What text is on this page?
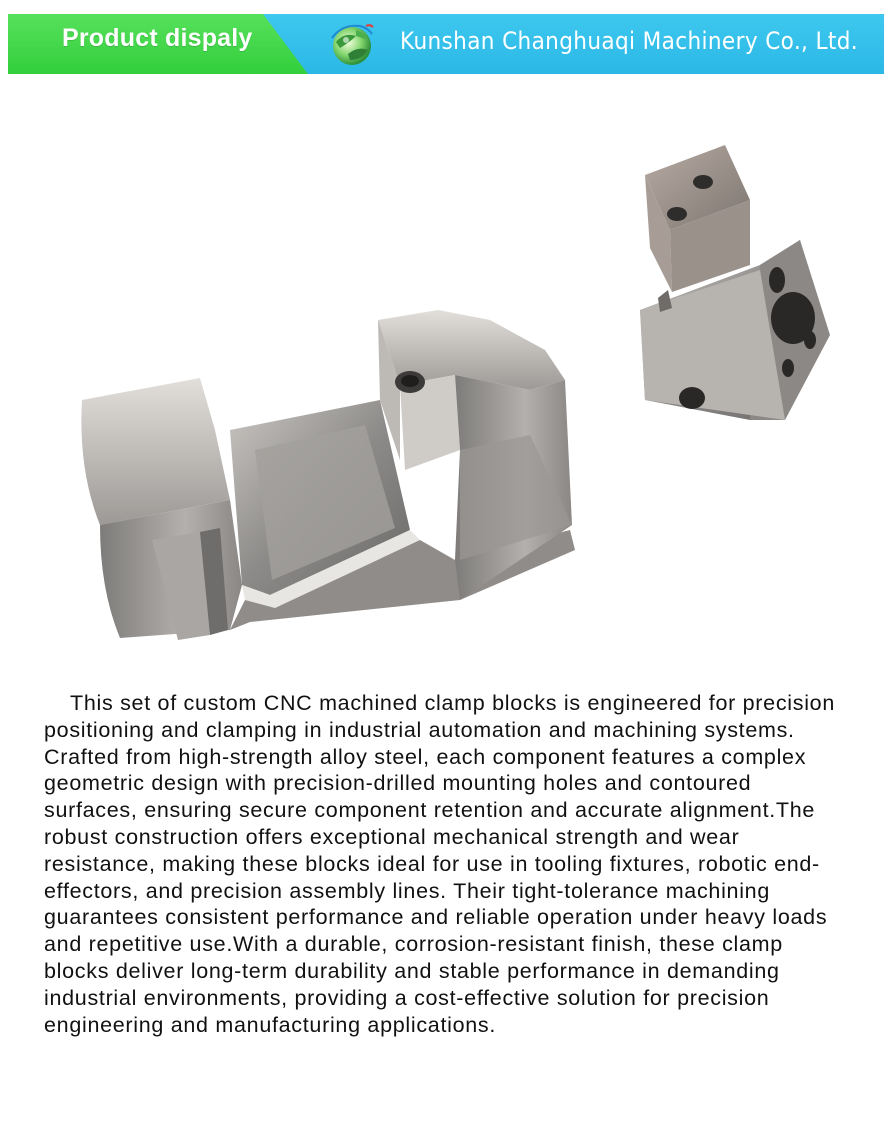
Product dispaly	Kunshan Changhuaqi Machinery Co., Ltd.

This set of custom CNC machined clamp blocks is engineered for precision positioning and clamping in industrial automation and machining systems. Crafted from high-strength alloy steel, each component features a complex geometric design with precision-drilled mounting holes and contoured surfaces, ensuring secure component retention and accurate alignment.The robust construction offers exceptional mechanical strength and wear resistance, making these blocks ideal for use in tooling fixtures, robotic end-effectors, and precision assembly lines. Their tight-tolerance machining guarantees consistent performance and reliable operation under heavy loads and repetitive use.With a durable, corrosion-resistant finish, these clamp blocks deliver long-term durability and stable performance in demanding industrial environments, providing a cost-effective solution for precision engineering and manufacturing applications.
